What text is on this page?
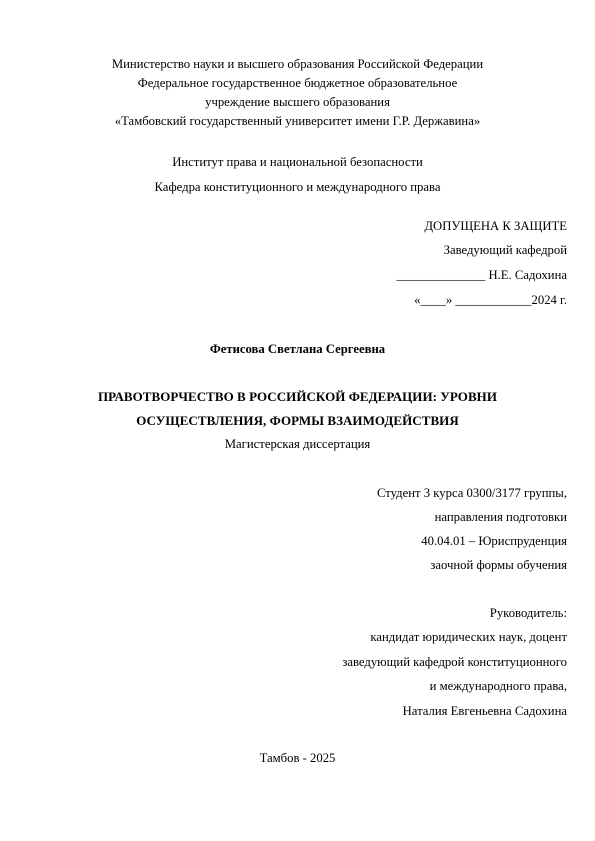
Министерство науки и высшего образования Российской Федерации
Федеральное государственное бюджетное образовательное
учреждение высшего образования
«Тамбовский государственный университет имени Г.Р. Державина»
Институт права и национальной безопасности
Кафедра конституционного и международного права
ДОПУЩЕНА К ЗАЩИТЕ
Заведующий кафедрой
______________ Н.Е. Садохина
«____» ____________2024 г.
Фетисова Светлана Сергеевна
ПРАВОТВОРЧЕСТВО В РОССИЙСКОЙ ФЕДЕРАЦИИ: УРОВНИ
ОСУЩЕСТВЛЕНИЯ, ФОРМЫ ВЗАИМОДЕЙСТВИЯ
Магистерская диссертация
Студент 3 курса 0300/3177 группы,
направления подготовки
40.04.01 – Юриспруденция
заочной формы обучения
Руководитель:
кандидат юридических наук, доцент
заведующий кафедрой конституционного
и международного права,
Наталия Евгеньевна Садохина
Тамбов - 2025
